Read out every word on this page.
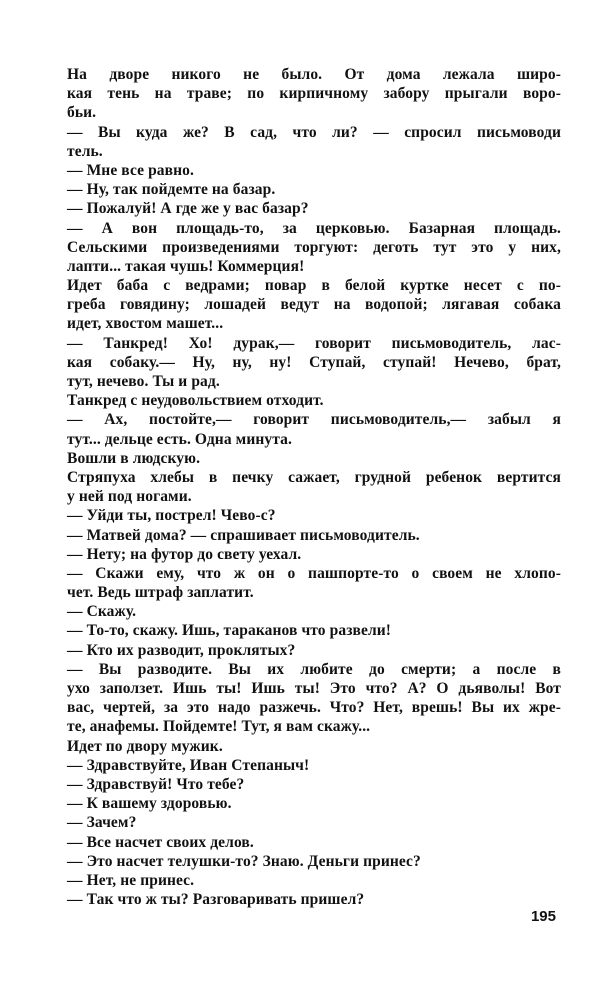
На дворе никого не было. От дома лежала широ-
кая тень на траве; по кирпичному забору прыгали воро-
бьи.
— Вы куда же? В сад, что ли? — спросил письмоводи
тель.
— Мне все равно.
— Ну, так пойдемте на базар.
— Пожалуй! А где же у вас базар?
— А вон площадь-то, за церковью. Базарная площадь.
Сельскими произведениями торгуют: деготь тут это у них,
лапти... такая чушь! Коммерция!
Идет баба с ведрами; повар в белой куртке несет с по-
греба говядину; лошадей ведут на водопой; лягавая собака
идет, хвостом машет...
— Танкред! Хо! дурак,— говорит письмоводитель, лас-
кая собаку.— Ну, ну, ну! Ступай, ступай! Нечево, брат,
тут, нечево. Ты и рад.
Танкред с неудовольствием отходит.
— Ах, постойте,— говорит письмоводитель,— забыл я
тут... дельце есть. Одна минута.
Вошли в людскую.
Стряпуха хлебы в печку сажает, грудной ребенок вертится
у ней под ногами.
— Уйди ты, пострел! Чево-с?
— Матвей дома? — спрашивает письмоводитель.
— Нету; на футор до свету уехал.
— Скажи ему, что ж он о пашпорте-то о своем не хлопо-
чет. Ведь штраф заплатит.
— Скажу.
— То-то, скажу. Ишь, тараканов что развели!
— Кто их разводит, проклятых?
— Вы разводите. Вы их любите до смерти; а после в
ухо заползет. Ишь ты! Ишь ты! Это что? А? О дьяволы! Вот
вас, чертей, за это надо разжечь. Что? Нет, врешь! Вы их жре-
те, анафемы. Пойдемте! Тут, я вам скажу...
Идет по двору мужик.
— Здравствуйте, Иван Степаныч!
— Здравствуй! Что тебе?
— К вашему здоровью.
— Зачем?
— Все насчет своих делов.
— Это насчет телушки-то? Знаю. Деньги принес?
— Нет, не принес.
— Так что ж ты? Разговаривать пришел?
195
